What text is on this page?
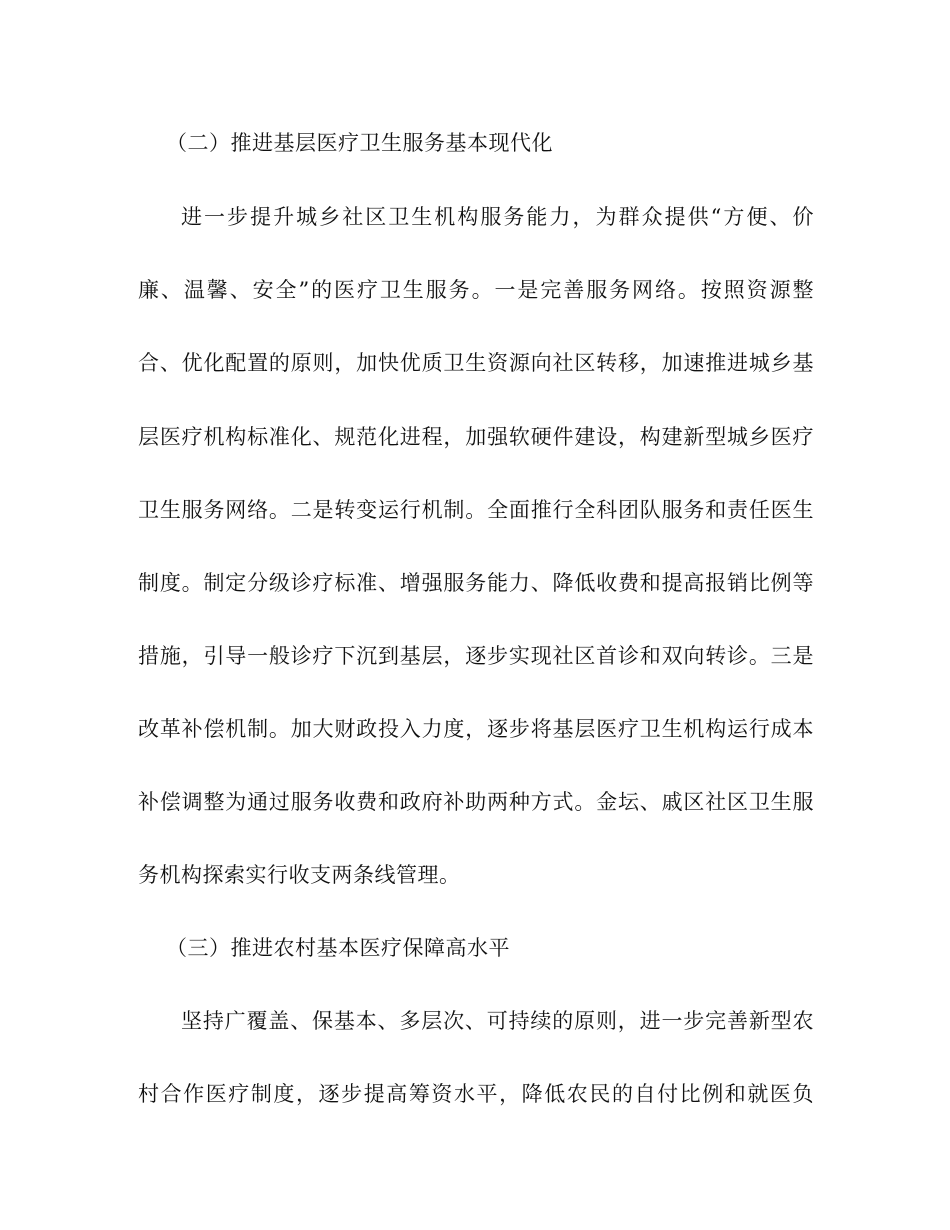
（二）推进基层医疗卫生服务基本现代化
进一步提升城乡社区卫生机构服务能力，为群众提供“方便、价
廉、温馨、安全”的医疗卫生服务。一是完善服务网络。按照资源整
合、优化配置的原则，加快优质卫生资源向社区转移，加速推进城乡基
层医疗机构标准化、规范化进程，加强软硬件建设，构建新型城乡医疗
卫生服务网络。二是转变运行机制。全面推行全科团队服务和责任医生
制度。制定分级诊疗标准、增强服务能力、降低收费和提高报销比例等
措施，引导一般诊疗下沉到基层，逐步实现社区首诊和双向转诊。三是
改革补偿机制。加大财政投入力度，逐步将基层医疗卫生机构运行成本
补偿调整为通过服务收费和政府补助两种方式。金坛、戚区社区卫生服
务机构探索实行收支两条线管理。
（三）推进农村基本医疗保障高水平
坚持广覆盖、保基本、多层次、可持续的原则，进一步完善新型农
村合作医疗制度，逐步提高筹资水平，降低农民的自付比例和就医负
